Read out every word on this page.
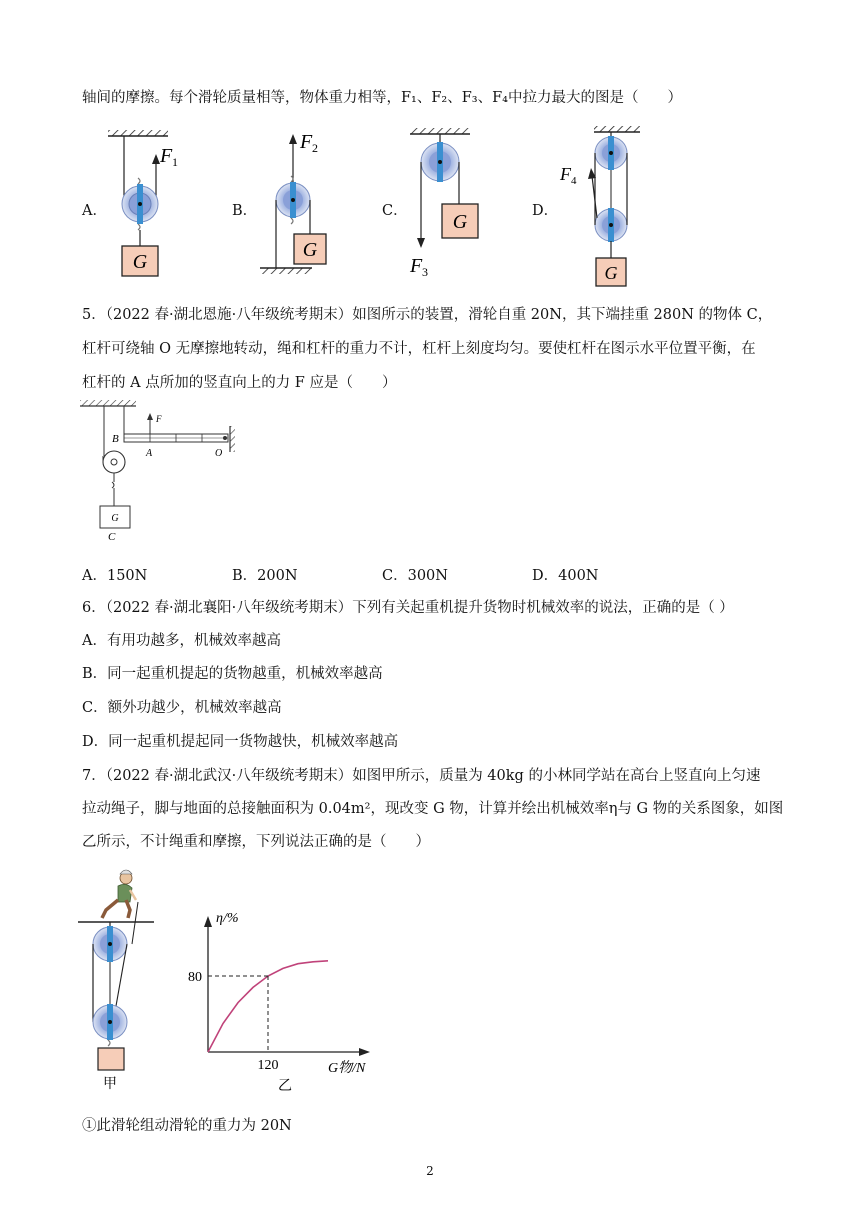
轴间的摩擦。每个滑轮质量相等，物体重力相等，F₁、F₂、F₃、F₄中拉力最大的图是（　　）
A．	B．	C．	D．
G
F 1
F 2
G
G
F 3
F 4
G
5．（2022 春·湖北恩施·八年级统考期末）如图所示的装置，滑轮自重 20N，其下端挂重 280N 的物体 C，
杠杆可绕轴 O 无摩擦地转动，绳和杠杆的重力不计，杠杆上刻度均匀。要使杠杆在图示水平位置平衡，在
杠杆的 A 点所加的竖直向上的力 F 应是（　　）
F
B
A	O
G
C
A．150N	B．200N	C．300N	D．400N
6．（2022 春·湖北襄阳·八年级统考期末）下列有关起重机提升货物时机械效率的说法，正确的是（ ）
A．有用功越多，机械效率越高
B．同一起重机提起的货物越重，机械效率越高
C．额外功越少，机械效率越高
D．同一起重机提起同一货物越快，机械效率越高
7．（2022 春·湖北武汉·八年级统考期末）如图甲所示，质量为 40kg 的小林同学站在高台上竖直向上匀速
拉动绳子，脚与地面的总接触面积为 0.04m²，现改变 G 物，计算并绘出机械效率η与 G 物的关系图象，如图
乙所示，不计绳重和摩擦，下列说法正确的是（　　）
甲
η/%
G物/N
80
120
乙
①此滑轮组动滑轮的重力为 20N
2
